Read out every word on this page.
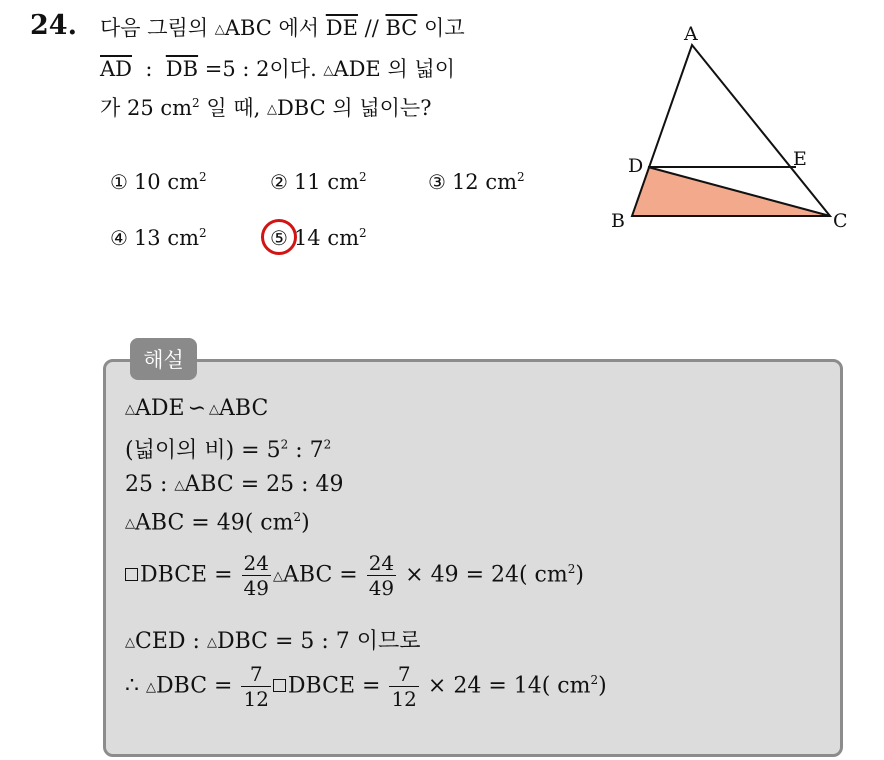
24. 다음 그림의 △ABC 에서 $\overline{DE} // \overline{BC}$ 이고
$\overline{AD}$  :  $\overline{DB} =5$ : 2이다. △ADE 의 넓이
가 25 $cm^2$ 일 때, △DBC 의 넓이는?
① 10 $cm^2$	② 11 $cm^2$	③ 12 $cm^2$
④ 13 $cm^2$	⑤ 14 $cm^2$
A
B	C
D	E
해설
△ADE ∽ △ABC
(넓이의 비) = $5^2$ : $7^2$
25 : △ABC = 25 : 49
△ABC = 49( $cm^2$)
DBCE = $\frac{24}{49}$ △ABC = $\frac{24}{49} \times 49 = 24$( $cm^2$)
△CED : △DBC = 5 : 7 이므로
∴ △DBC = $\frac{7}{12}$ DBCE = $\frac{7}{12} \times 24 = 14$( $cm^2$)
